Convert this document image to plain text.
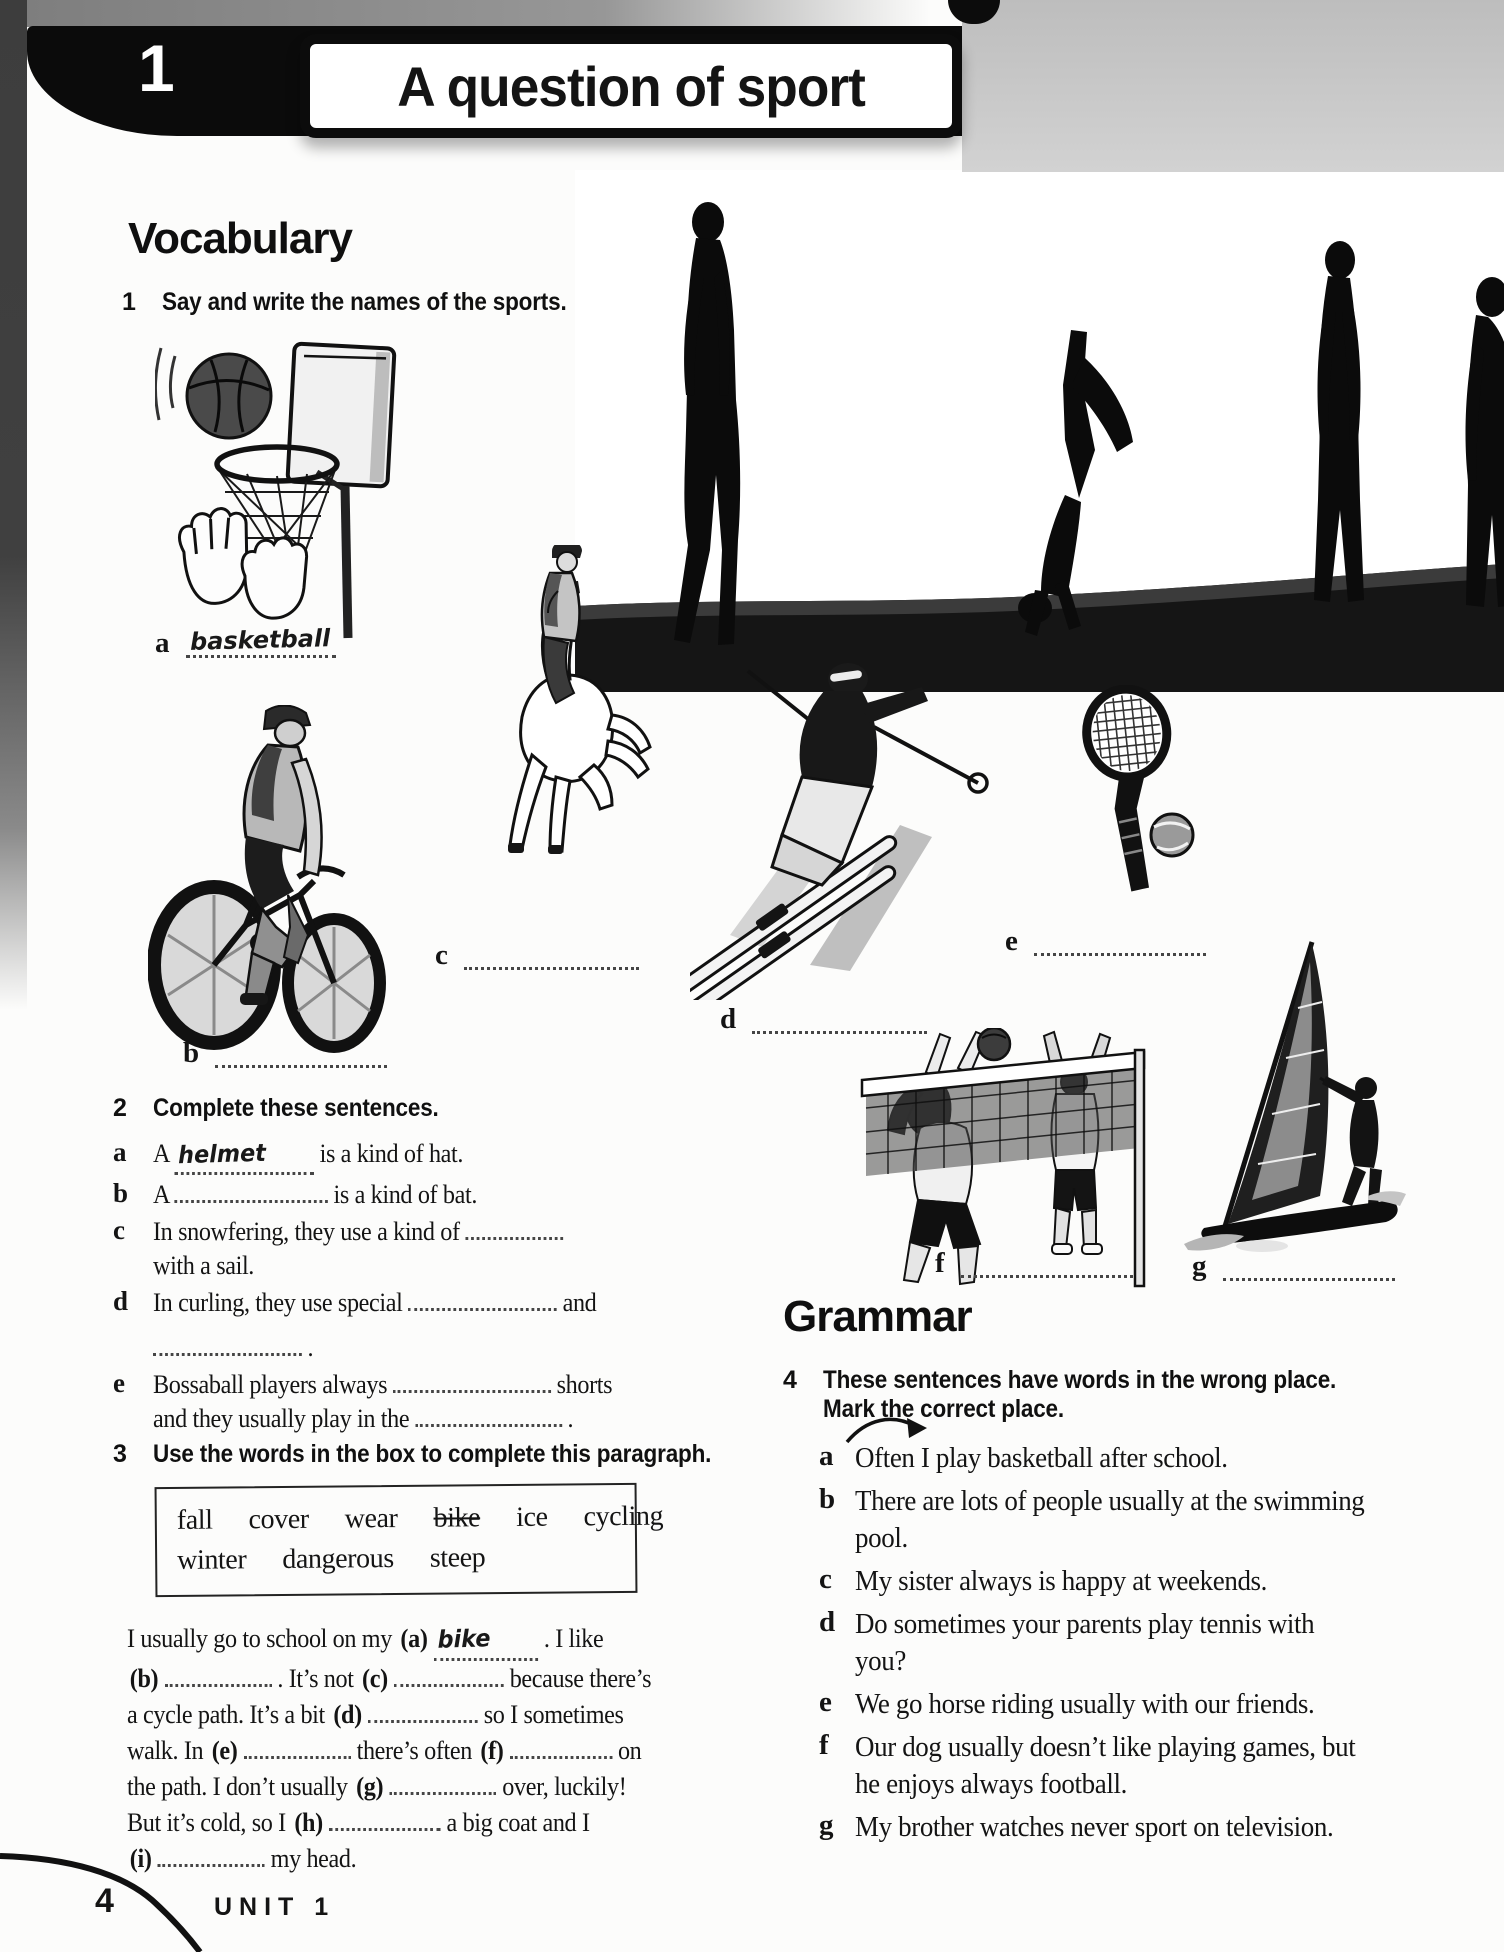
1	A question of sport
Vocabulary
1	Say and write the names of the sports.
a basketball
b
c
d
e
f	g
2	Complete these sentences.
a	A helmet is a kind of hat.
b A	is a kind of bat.
c	In snowfering, they use a kind of
with a sail.
d In curling, they use special	and
.
e	Bossaball players always	shorts
and they usually play in the	.
3	Use the words in the box to complete this paragraph.
fall cover wear bike ice cycling
winter dangerous steep
I usually go to school on my (a) bike . I like
(b)	. It’s not (c)	because there’s
a cycle path. It’s a bit (d)	so I sometimes
walk. In (e)	there’s often (f)	on
the path. I don’t usually (g)	over, luckily!
But it’s cold, so I (h)	a big coat and I
(i)	my head.
Grammar
4	These sentences have words in the wrong place.
Mark the correct place.
a Often I play basketball after school.
b There are lots of people usually at the swimming
pool.
c My sister always is happy at weekends.
d Do sometimes your parents play tennis with
you?
e We go horse riding usually with our friends.
f Our dog usually doesn’t like playing games, but
he enjoys always football.
g My brother watches never sport on television.
4	UNIT 1
